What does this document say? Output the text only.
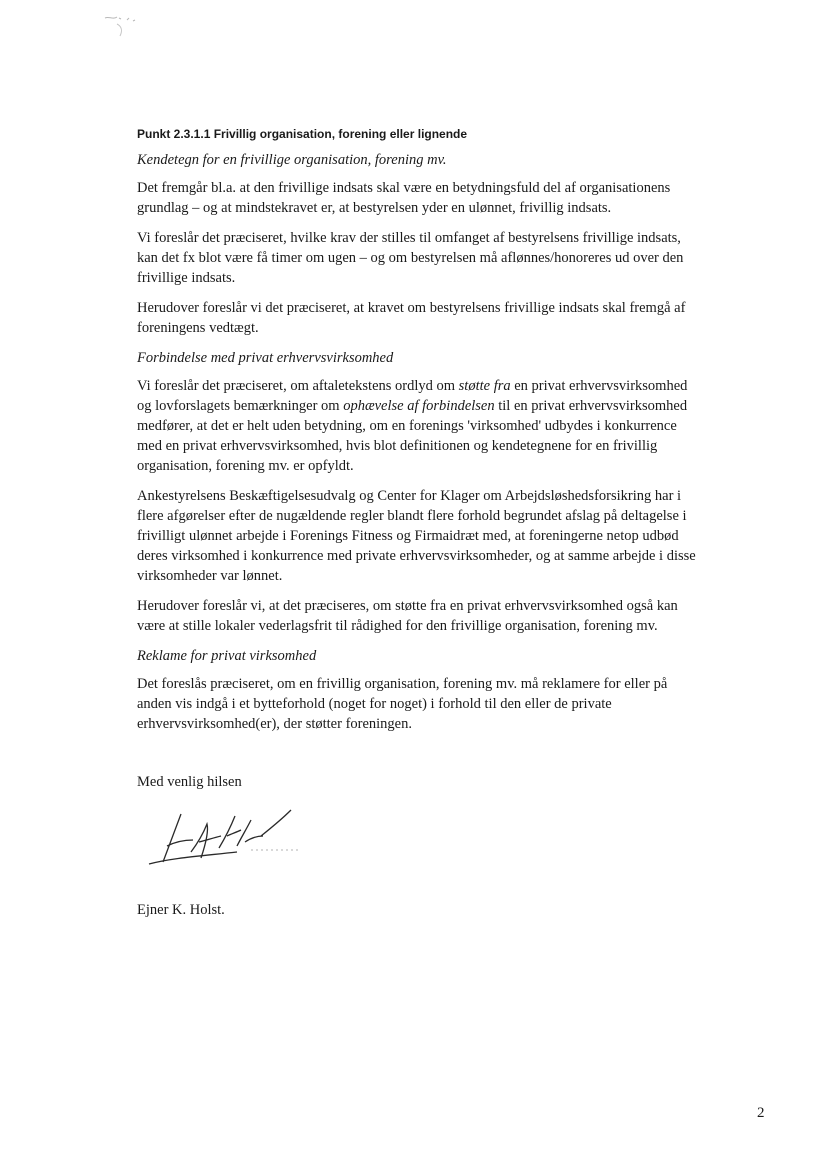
Punkt 2.3.1.1 Frivillig organisation, forening eller lignende
Kendetegn for en frivillige organisation, forening mv.

Det fremgår bl.a. at den frivillige indsats skal være en betydningsfuld del af organisationens grundlag – og at mindstekravet er, at bestyrelsen yder en ulønnet, frivillig indsats.

Vi foreslår det præciseret, hvilke krav der stilles til omfanget af bestyrelsens frivillige indsats, kan det fx blot være få timer om ugen – og om bestyrelsen må aflønnes/honoreres ud over den frivillige indsats.

Herudover foreslår vi det præciseret, at kravet om bestyrelsens frivillige indsats skal fremgå af foreningens vedtægt.

Forbindelse med privat erhvervsvirksomhed

Vi foreslår det præciseret, om aftaletekstens ordlyd om støtte fra en privat erhvervsvirksomhed og lovforslagets bemærkninger om ophævelse af forbindelsen til en privat erhvervsvirksomhed medfører, at det er helt uden betydning, om en forenings 'virksomhed' udbydes i konkurrence med en privat erhvervsvirksomhed, hvis blot definitionen og kendetegnene for en frivillig organisation, forening mv. er opfyldt.

Ankestyrelsens Beskæftigelsesudvalg og Center for Klager om Arbejdsløshedsforsikring har i flere afgørelser efter de nugældende regler blandt flere forhold begrundet afslag på deltagelse i frivilligt ulønnet arbejde i Forenings Fitness og Firmaidræt med, at foreningerne netop udbød deres virksomhed i konkurrence med private erhvervsvirksomheder, og at samme arbejde i disse virksomheder var lønnet.

Herudover foreslår vi, at det præciseres, om støtte fra en privat erhvervsvirksomhed også kan være at stille lokaler vederlagsfrit til rådighed for den frivillige organisation, forening mv.

Reklame for privat virksomhed

Det foreslås præciseret, om en frivillig organisation, forening mv. må reklamere for eller på anden vis indgå i et bytteforhold (noget for noget) i forhold til den eller de private erhvervsvirksomhed(er), der støtter foreningen.

Med venlig hilsen
Ejner K. Holst.
2
